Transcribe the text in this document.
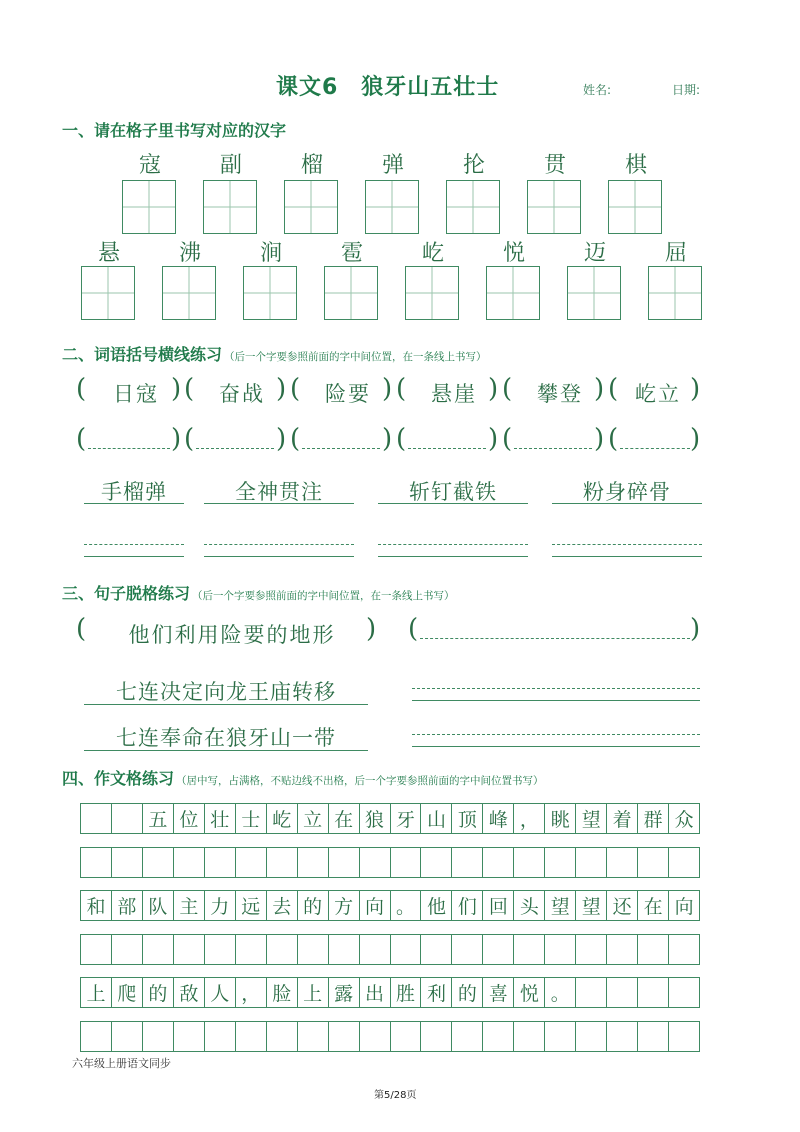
课文6　狼牙山五壮士	姓名:	日期:
一、请在格子里书写对应的汉字
寇	副	榴	弹	抡	贯	棋
悬	沸	涧	雹	屹	悦	迈	屈
二、词语括号横线练习 （后一个字要参照前面的字中间位置，在一条线上书写）
(	日寇 ) (	奋战 ) (	险要 ) (	悬崖 ) (	攀登 ) ( 屹立 )
(	) (	) (	) (	) (	) (	)
手榴弹	全神贯注	斩钉截铁	粉身碎骨
三、句子脱格练习 （后一个字要参照前面的字中间位置，在一条线上书写）
(	他们利用险要的地形	) (	)
七连决定向龙王庙转移
七连奉命在狼牙山一带
四、作文格练习 （居中写，占满格，不贴边线不出格，后一个字要参照前面的字中间位置书写）
五 位 壮 士 屹 立 在 狼 牙 山 顶 峰 ， 眺 望 着 群 众
和 部 队 主 力 远 去 的 方 向 。 他 们 回 头 望 望 还 在 向
上 爬 的 敌 人 ， 脸 上 露 出 胜 利 的 喜 悦 。
六年级上册语文同步
第5/28页
